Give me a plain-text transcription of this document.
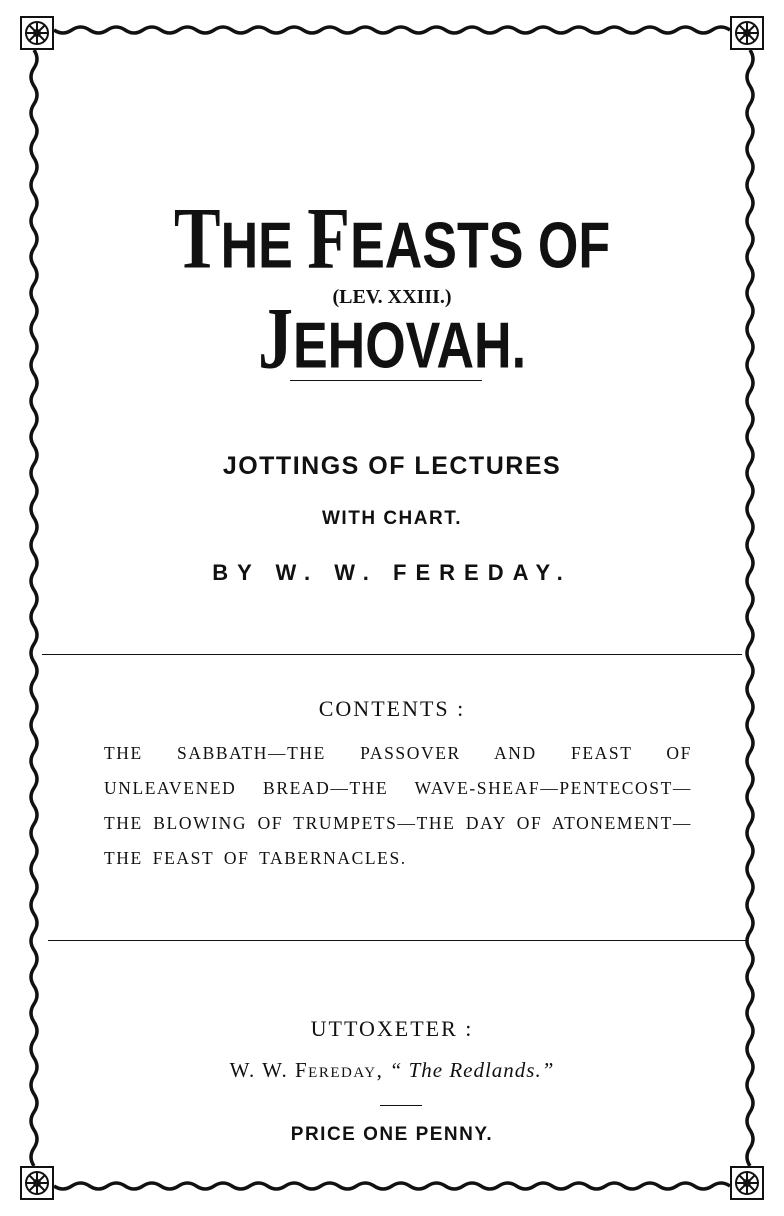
THE FEASTS OF JEHOVAH.
(LEV. XXIII.)
JOTTINGS OF LECTURES
WITH CHART.
BY W. W. FEREDAY.
CONTENTS :
THE SABBATH—THE PASSOVER AND FEAST OF UNLEAVENED BREAD—THE WAVE-SHEAF—PENTECOST—THE BLOWING OF TRUMPETS—THE DAY OF ATONEMENT—THE FEAST OF TABERNACLES.
UTTOXETER :
W. W. Fereday, “ The Redlands.”
PRICE ONE PENNY.
